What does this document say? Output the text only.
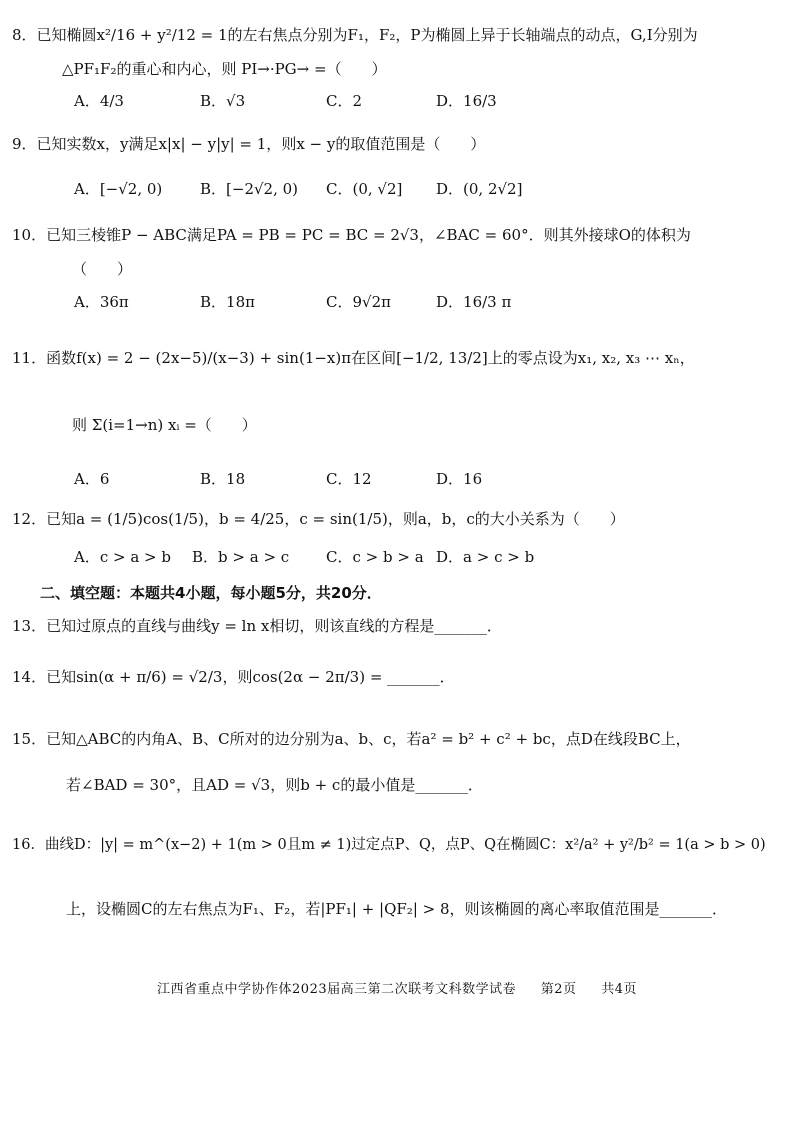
8．已知椭圆x²/16 + y²/12 = 1的左右焦点分别为F₁，F₂，P为椭圆上异于长轴端点的动点，G,I分别为
△PF₁F₂的重心和内心，则 PI→·PG→ =（　　）
A．4/3	B．√3	C．2	D．16/3
9．已知实数x，y满足x|x| − y|y| = 1，则x − y的取值范围是（　　）
A．[−√2, 0)	B．[−2√2, 0) C．(0, √2] D．(0, 2√2]
10．已知三棱锥P − ABC满足PA = PB = PC = BC = 2√3，∠BAC = 60°．则其外接球O的体积为
（　　）
A．36π	B．18π	C．9√2π	D．16/3 π
11．函数f(x) = 2 − (2x−5)/(x−3) + sin(1−x)π在区间[−1/2, 13/2]上的零点设为x₁, x₂, x₃ ⋯ xₙ，
则 Σ(i=1→n) xᵢ =（　　）
A．6	B．18	C．12	D．16
12．已知a = (1/5)cos(1/5)，b = 4/25，c = sin(1/5)，则a，b，c的大小关系为（　　）
A．c > a > b B．b > a > c C．c > b > a D．a > c > b
二、填空题：本题共4小题，每小题5分，共20分．
13．已知过原点的直线与曲线y = ln x相切，则该直线的方程是_______．
14．已知sin(α + π/6) = √2/3，则cos(2α − 2π/3) = _______．
15．已知△ABC的内角A、B、C所对的边分别为a、b、c，若a² = b² + c² + bc，点D在线段BC上，
若∠BAD = 30°，且AD = √3，则b + c的最小值是_______．
16．曲线D：|y| = m^(x−2) + 1(m > 0且m ≠ 1)过定点P、Q，点P、Q在椭圆C：x²/a² + y²/b² = 1(a > b > 0)
上，设椭圆C的左右焦点为F₁、F₂，若|PF₁| + |QF₂| > 8，则该椭圆的离心率取值范围是_______．
江西省重点中学协作体2023届高三第二次联考文科数学试卷 第2页 共4页
